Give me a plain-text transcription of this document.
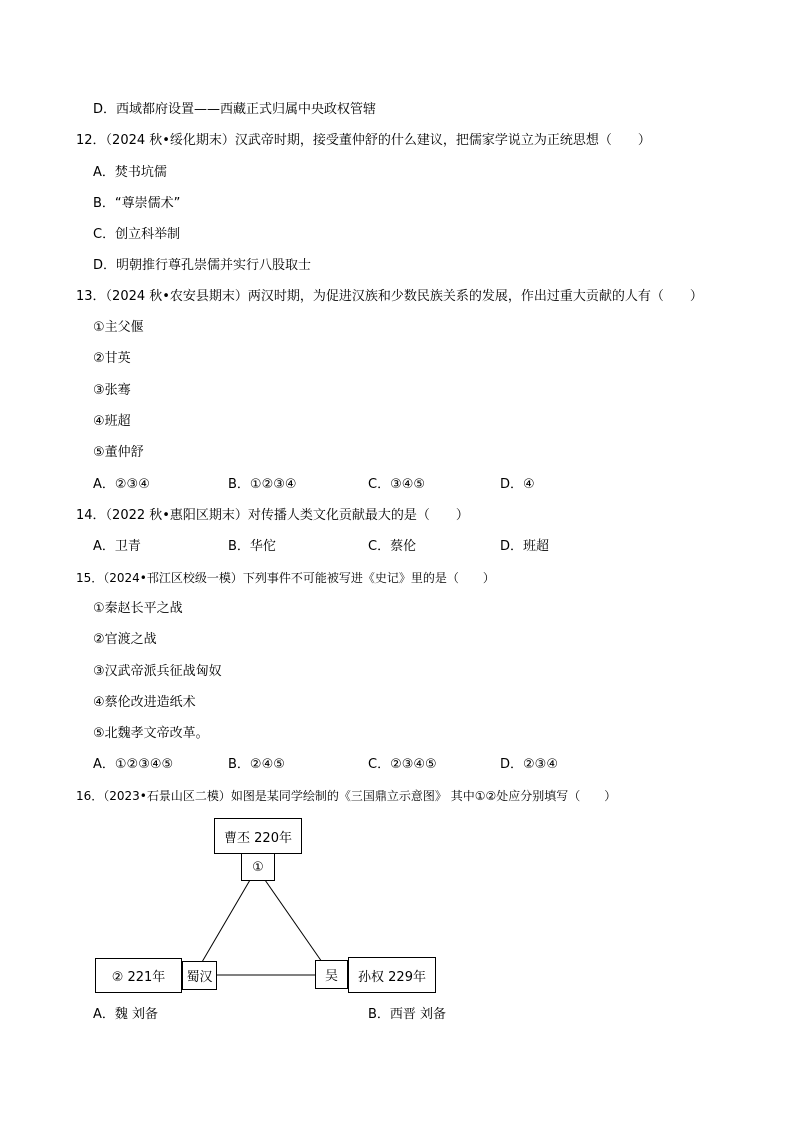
D．西域都府设置——西藏正式归属中央政权管辖
12．（2024 秋•绥化期末）汉武帝时期，接受董仲舒的什么建议，把儒家学说立为正统思想（　　）
A．焚书坑儒
B．“尊崇儒术”
C．创立科举制
D．明朝推行尊孔崇儒并实行八股取士
13．（2024 秋•农安县期末）两汉时期，为促进汉族和少数民族关系的发展，作出过重大贡献的人有（　　）
①主父偃
②甘英
③张骞
④班超
⑤董仲舒
A．②③④	B．①②③④	C．③④⑤	D．④
14．（2022 秋•惠阳区期末）对传播人类文化贡献最大的是（　　）
A．卫青	B．华佗	C．蔡伦	D．班超
15．（2024•邗江区校级一模）下列事件不可能被写进《史记》里的是（　　）
①秦赵长平之战
②官渡之战
③汉武帝派兵征战匈奴
④蔡伦改进造纸术
⑤北魏孝文帝改革。
A．①②③④⑤	B．②④⑤	C．②③④⑤	D．②③④
16．（2023•石景山区二模）如图是某同学绘制的《三国鼎立示意图》 其中①②处应分别填写（　　）
曹丕 220年
①
② 221年	蜀汉	吴	孙权 229年
A．魏 刘备	B．西晋 刘备
